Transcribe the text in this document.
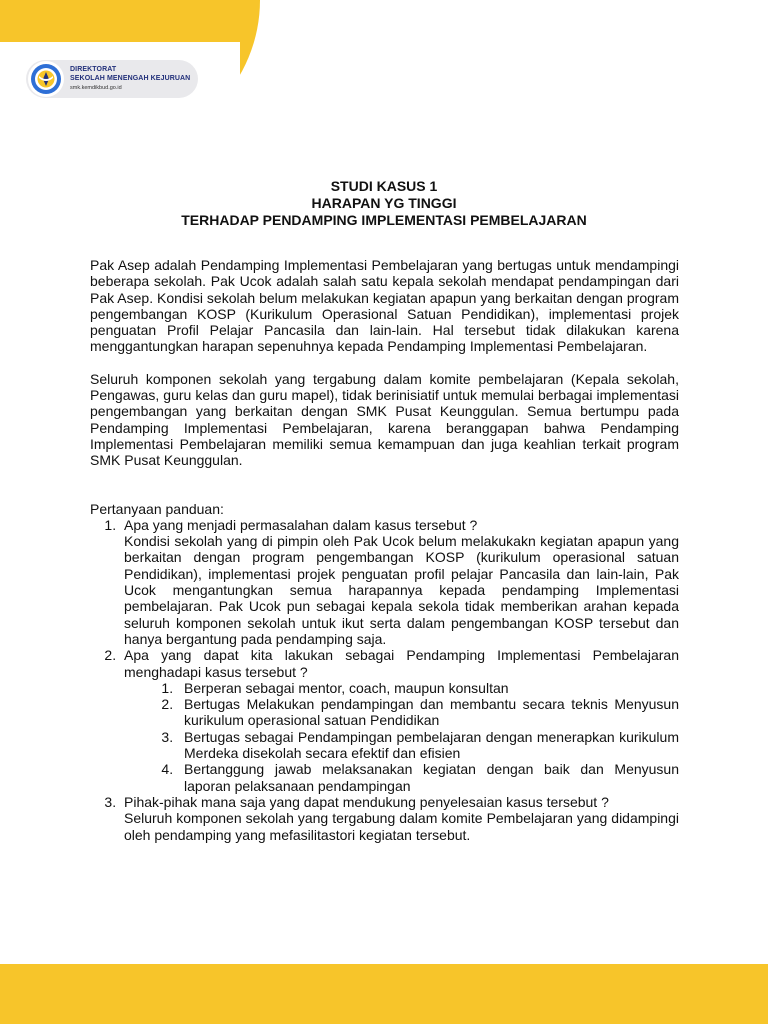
DIREKTORAT
SEKOLAH MENENGAH KEJURUAN
smk.kemdikbud.go.id
STUDI KASUS 1
HARAPAN YG TINGGI
TERHADAP PENDAMPING IMPLEMENTASI PEMBELAJARAN

Pak Asep adalah Pendamping Implementasi Pembelajaran yang bertugas untuk mendampingi beberapa sekolah. Pak Ucok adalah salah satu kepala sekolah mendapat pendampingan dari Pak Asep. Kondisi sekolah belum melakukan kegiatan apapun yang berkaitan dengan program pengembangan KOSP (Kurikulum Operasional Satuan Pendidikan), implementasi projek penguatan Profil Pelajar Pancasila dan lain-lain. Hal tersebut tidak dilakukan karena menggantungkan harapan sepenuhnya kepada Pendamping Implementasi Pembelajaran.

Seluruh komponen sekolah yang tergabung dalam komite pembelajaran (Kepala sekolah, Pengawas, guru kelas dan guru mapel), tidak berinisiatif untuk memulai berbagai implementasi pengembangan yang berkaitan dengan SMK Pusat Keunggulan. Semua bertumpu pada Pendamping Implementasi Pembelajaran, karena beranggapan bahwa Pendamping Implementasi Pembelajaran memiliki semua kemampuan dan juga keahlian terkait program SMK Pusat Keunggulan.

Pertanyaan panduan:

1. Apa yang menjadi permasalahan dalam kasus tersebut ?

Kondisi sekolah yang di pimpin oleh Pak Ucok belum melakukakn kegiatan apapun yang berkaitan dengan program pengembangan KOSP (kurikulum operasional satuan Pendidikan), implementasi projek penguatan profil pelajar Pancasila dan lain-lain, Pak Ucok mengantungkan semua harapannya kepada pendamping Implementasi pembelajaran. Pak Ucok pun sebagai kepala sekola tidak memberikan arahan kepada seluruh komponen sekolah untuk ikut serta dalam pengembangan KOSP tersebut dan hanya bergantung pada pendamping saja.

2. Apa yang dapat kita lakukan sebagai Pendamping Implementasi Pembelajaran menghadapi kasus tersebut ?

1. Berperan sebagai mentor, coach, maupun konsultan
2. Bertugas Melakukan pendampingan dan membantu secara teknis Menyusun kurikulum operasional satuan Pendidikan
3. Bertugas sebagai Pendampingan pembelajaran dengan menerapkan kurikulum Merdeka disekolah secara efektif dan efisien
4. Bertanggung jawab melaksanakan kegiatan dengan baik dan Menyusun laporan pelaksanaan pendampingan

3. Pihak-pihak mana saja yang dapat mendukung penyelesaian kasus tersebut ?

Seluruh komponen sekolah yang tergabung dalam komite Pembelajaran yang didampingi oleh pendamping yang mefasilitastori kegiatan tersebut.
